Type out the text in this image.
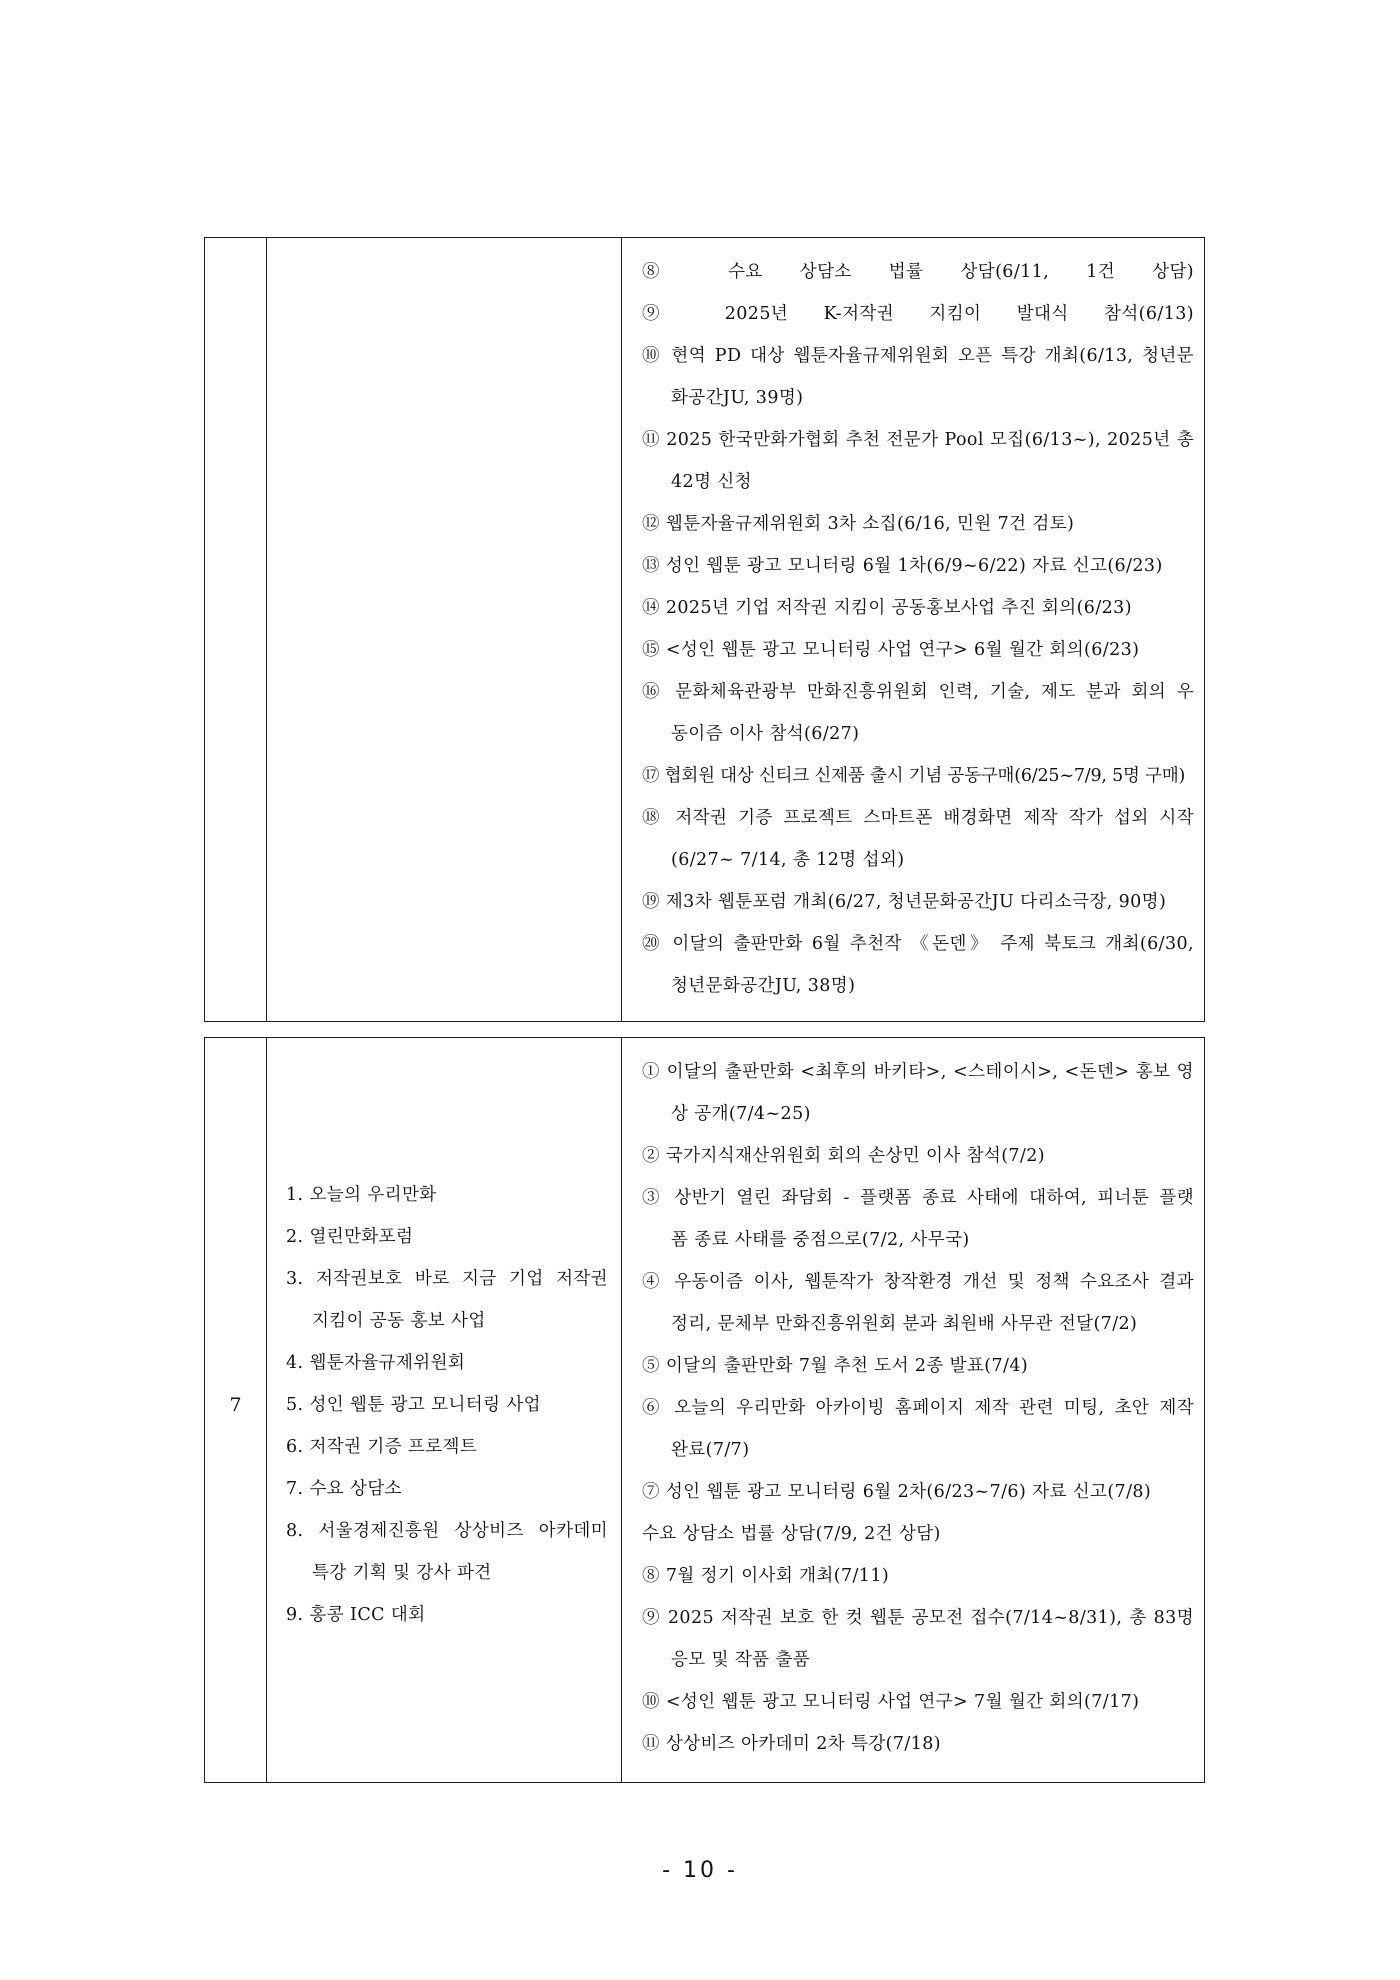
⑧ 수요 상담소 법률 상담(6/11, 1건 상담)
⑨ 2025년 K-저작권 지킴이 발대식 참석(6/13)
⑩ 현역 PD 대상 웹툰자율규제위원회 오픈 특강 개최(6/13, 청년문
화공간JU, 39명)
⑪ 2025 한국만화가협회 추천 전문가 Pool 모집(6/13~), 2025년 총
42명 신청
⑫ 웹툰자율규제위원회 3차 소집(6/16, 민원 7건 검토)
⑬ 성인 웹툰 광고 모니터링 6월 1차(6/9~6/22) 자료 신고(6/23)
⑭ 2025년 기업 저작권 지킴이 공동홍보사업 추진 회의(6/23)
⑮ <성인 웹툰 광고 모니터링 사업 연구> 6월 월간 회의(6/23)
⑯ 문화체육관광부 만화진흥위원회 인력, 기술, 제도 분과 회의 우
동이즘 이사 참석(6/27)
⑰ 협회원 대상 신티크 신제품 출시 기념 공동구매(6/25~7/9, 5명 구매)
⑱ 저작권 기증 프로젝트 스마트폰 배경화면 제작 작가 섭외 시작
(6/27~ 7/14, 총 12명 섭외)
⑲ 제3차 웹툰포럼 개최(6/27, 청년문화공간JU 다리소극장, 90명)
⑳ 이달의 출판만화 6월 추천작 《돈덴》 주제 북토크 개최(6/30,
청년문화공간JU, 38명)
7
1. 오늘의 우리만화
2. 열린만화포럼
3. 저작권보호 바로 지금 기업 저작권
지킴이 공동 홍보 사업
4. 웹툰자율규제위원회
5. 성인 웹툰 광고 모니터링 사업
6. 저작권 기증 프로젝트
7. 수요 상담소
8. 서울경제진흥원 상상비즈 아카데미
특강 기획 및 강사 파견
9. 홍콩 ICC 대회
① 이달의 출판만화 <최후의 바키타>, <스테이시>, <돈덴> 홍보 영
상 공개(7/4~25)
② 국가지식재산위원회 회의 손상민 이사 참석(7/2)
③ 상반기 열린 좌담회 - 플랫폼 종료 사태에 대하여, 피너툰 플랫
폼 종료 사태를 중점으로(7/2, 사무국)
④ 우동이즘 이사, 웹툰작가 창작환경 개선 및 정책 수요조사 결과
정리, 문체부 만화진흥위원회 분과 최원배 사무관 전달(7/2)
⑤ 이달의 출판만화 7월 추천 도서 2종 발표(7/4)
⑥ 오늘의 우리만화 아카이빙 홈페이지 제작 관련 미팅, 초안 제작
완료(7/7)
⑦ 성인 웹툰 광고 모니터링 6월 2차(6/23~7/6) 자료 신고(7/8)
수요 상담소 법률 상담(7/9, 2건 상담)
⑧ 7월 정기 이사회 개최(7/11)
⑨ 2025 저작권 보호 한 컷 웹툰 공모전 접수(7/14~8/31), 총 83명
응모 및 작품 출품
⑩ <성인 웹툰 광고 모니터링 사업 연구> 7월 월간 회의(7/17)
⑪ 상상비즈 아카데미 2차 특강(7/18)
- 10 -
